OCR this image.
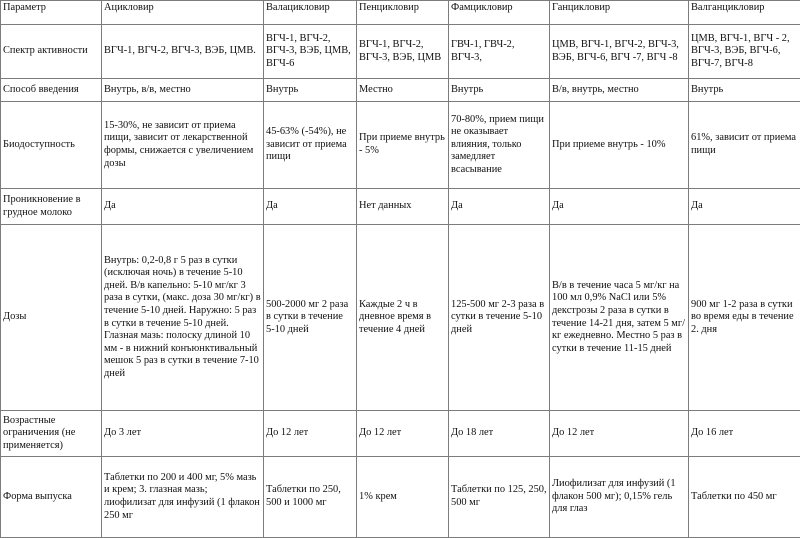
Параметр	Ацикловир	Валацикловир	Пенцикловир	Фамцикловир	Ганцикловир	Валганцикловир
Спектр активности	ВГЧ-1, ВГЧ-2, ВГЧ-3, ВЭБ, ЦМВ.	ВГЧ-1, ВГЧ-2, ВГЧ-3, ВЭБ, ЦМВ, ВГЧ-6	ВГЧ-1, ВГЧ-2, ВГЧ-3, ВЭБ, ЦМВ	ГВЧ-1, ГВЧ-2, ВГЧ-3,	ЦМВ, ВГЧ-1, ВГЧ-2, ВГЧ-3, ВЭБ, ВГЧ-6, ВГЧ -7, ВГЧ -8	ЦМВ, ВГЧ-1, ВГЧ - 2, ВГЧ-3, ВЭБ, ВГЧ-6, ВГЧ-7, ВГЧ-8
Способ введения	Внутрь, в/в, местно	Внутрь	Местно	Внутрь	В/в, внутрь, местно	Внутрь
Биодоступность	15-30%, не зависит от приема пищи, зависит от лекарственной формы, снижается с увеличением дозы	45-63% (-54%), не зависит от приема пищи	При приеме внутрь - 5%	70-80%, прием пищи не оказывает влияния, только замедляет всасывание	При приеме внутрь - 10%	61%, зависит от приема пищи
Проникновение в грудное молоко	Да	Да	Нет данных	Да	Да	Да
Дозы	Внутрь: 0,2-0,8 г 5 раз в сутки (исключая ночь) в течение 5-10 дней. В/в капельно: 5-10 мг/кг 3 раза в сутки, (макс. доза 30 мг/кг) в течение 5-10 дней. Наружно: 5 раз в сутки в течение 5-10 дней. Глазная мазь: полоску длиной 10 мм - в нижний конъюнктивальный мешок 5 раз в сутки в течение 7-10 дней	500-2000 мг 2 раза в сутки в течение 5-10 дней	Каждые 2 ч в дневное время в течение 4 дней	125-500 мг 2-3 раза в сутки в течение 5-10 дней	В/в в течение часа 5 мг/кг на 100 мл 0,9% NaCl или 5% декстрозы 2 раза в сутки в течение 14-21 дня, затем 5 мг/кг ежедневно. Местно 5 раз в сутки в течение 11-15 дней	900 мг 1-2 раза в сутки во время еды в течение 2. дня
Возрастные ограничения (не применяется)	До 3 лет	До 12 лет	До 12 лет	До 18 лет	До 12 лет	До 16 лет
Форма выпуска	Таблетки по 200 и 400 мг, 5% мазь и крем; 3. глазная мазь; лиофилизат для инфузий (1 флакон 250 мг	Таблетки по 250, 500 и 1000 мг	1% крем	Таблетки по 125, 250, 500 мг	Лиофилизат для инфузий (1 флакон 500 мг); 0,15% гель для глаз	Таблетки по 450 мг
